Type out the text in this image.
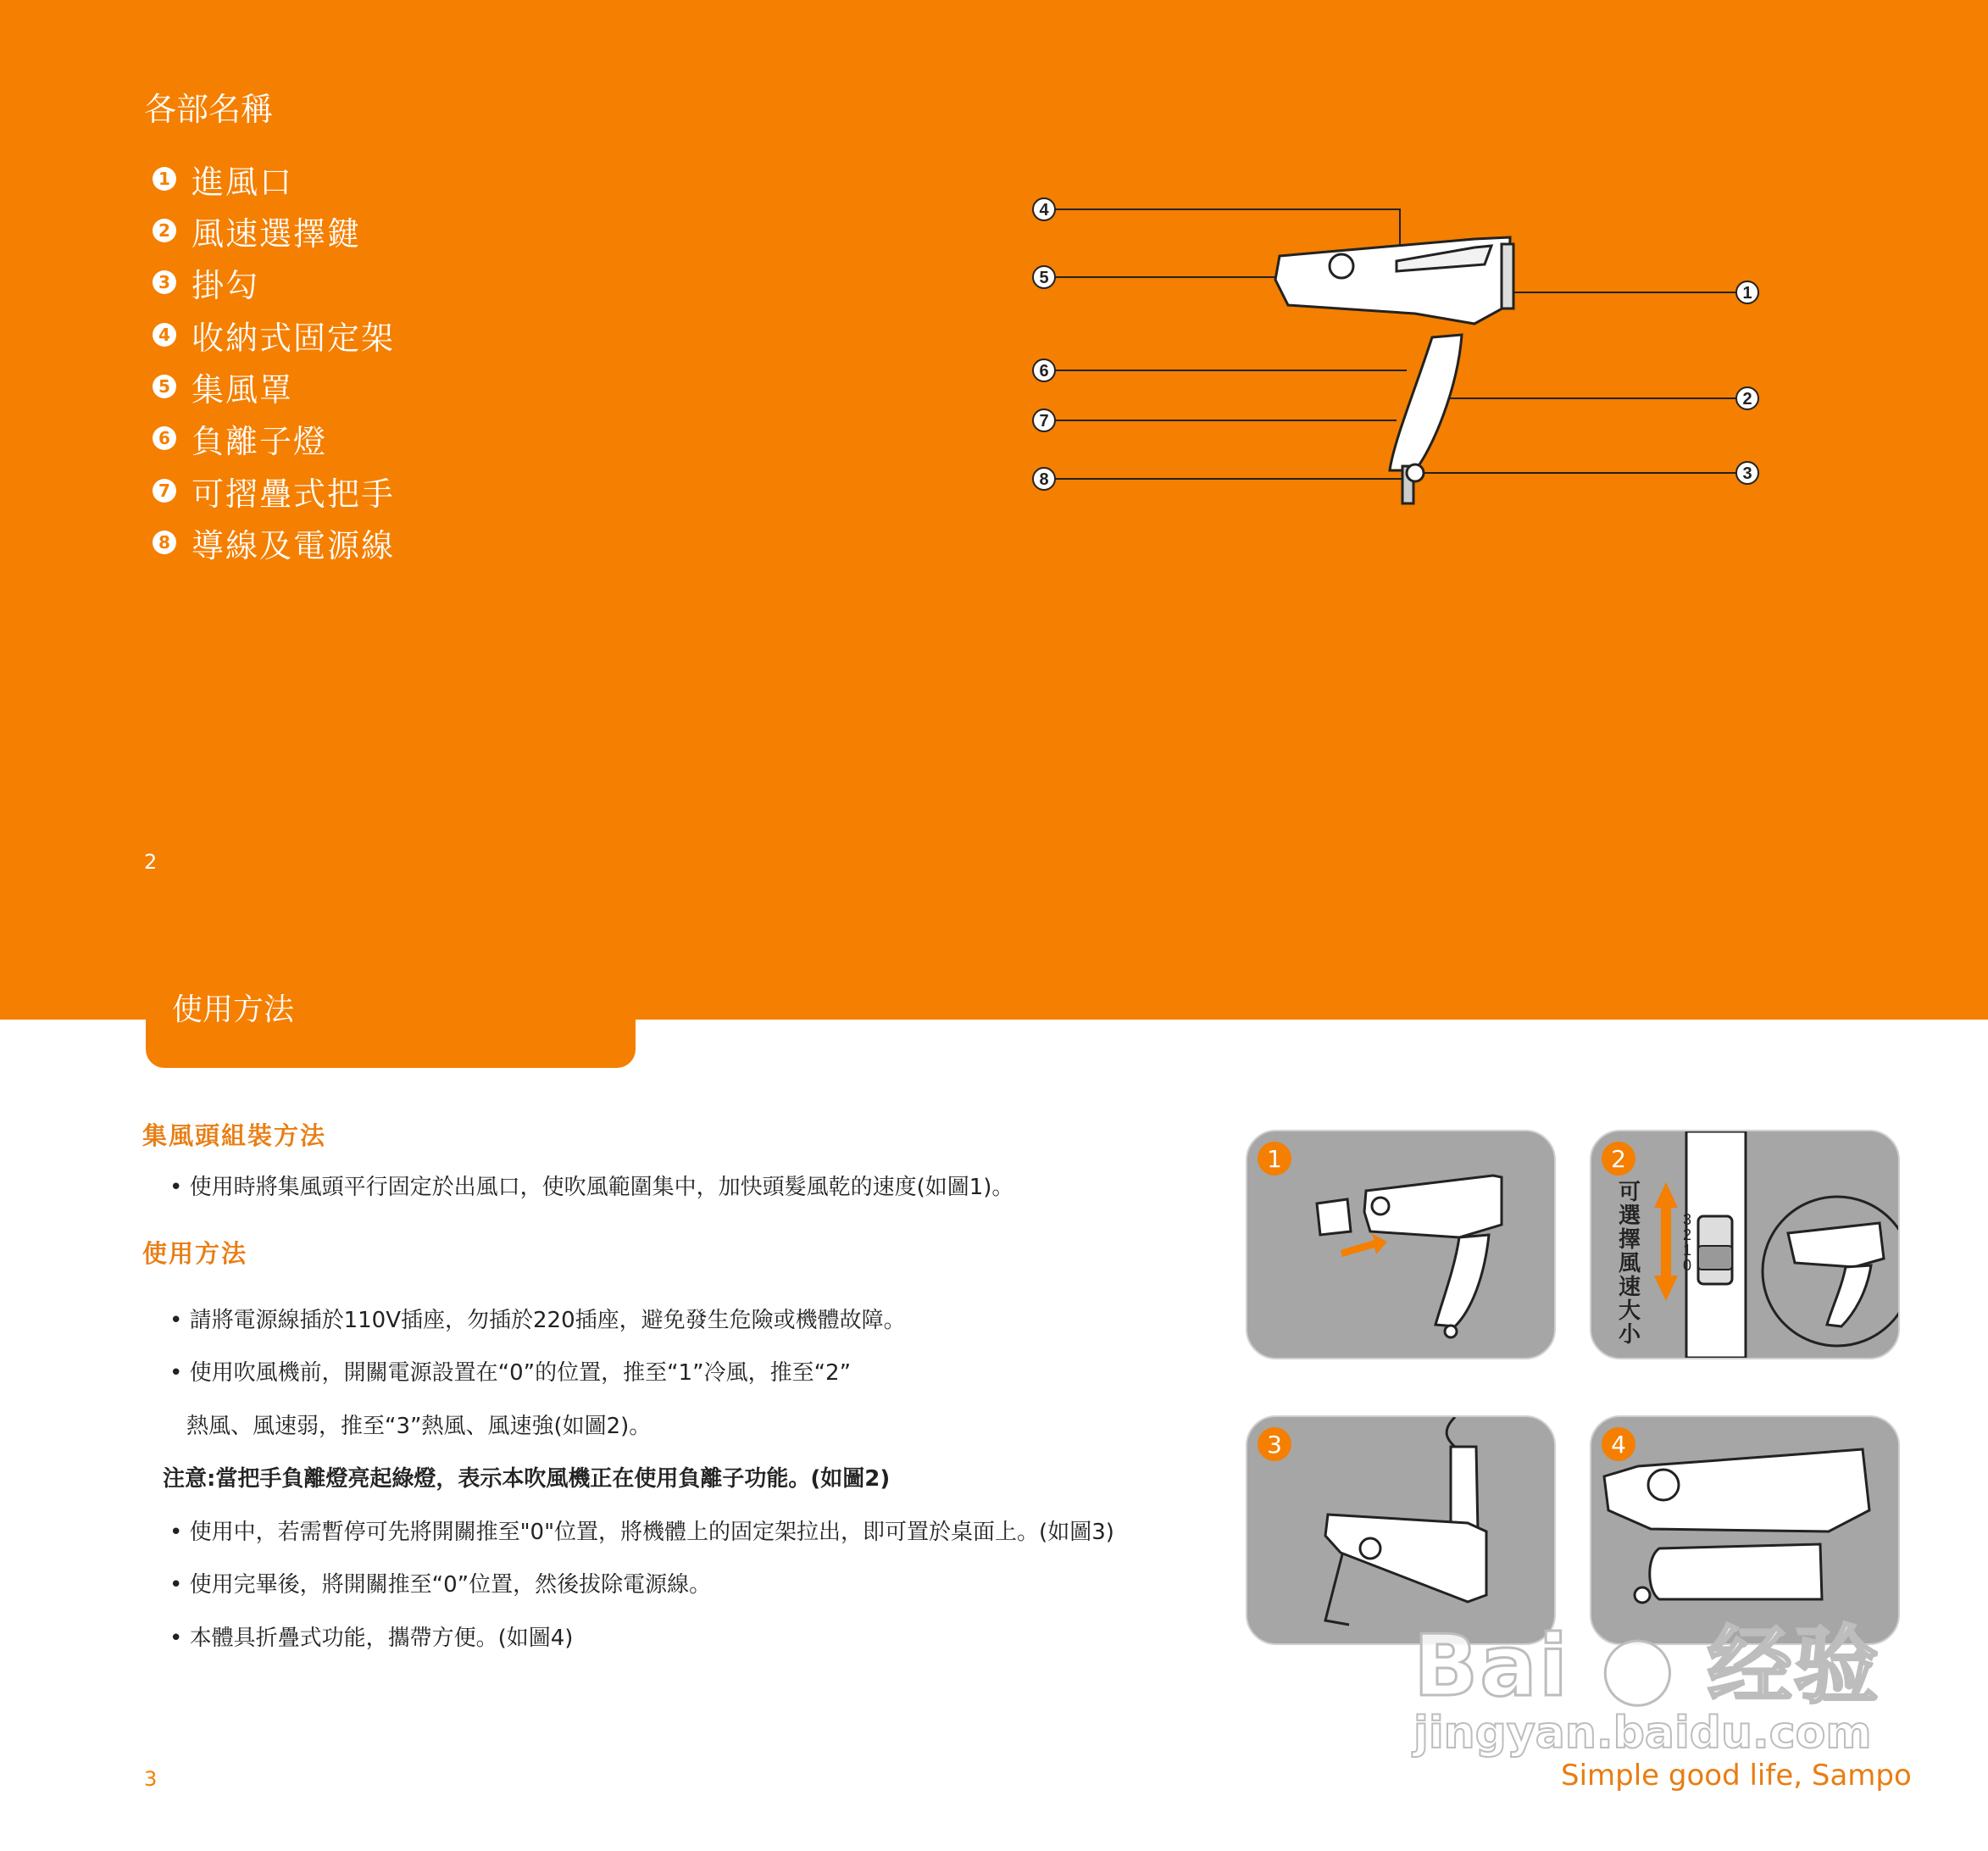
各部名稱
1 進風口
2 風速選擇鍵
3 掛勾
4 收納式固定架
5 集風罩
6 負離子燈
7 可摺疊式把手
8 導線及電源線
4
5
6
7
8
1
2
3
2
使用方法
集風頭組裝方法
• 使用時將集風頭平行固定於出風口，使吹風範圍集中，加快頭髮風乾的速度(如圖1)。
使用方法
• 請將電源線插於110V插座，勿插於220插座，避免發生危險或機體故障。
• 使用吹風機前，開關電源設置在“0”的位置，推至“1”冷風，推至“2”
熱風、風速弱，推至“3”熱風、風速強(如圖2)。
注意:當把手負離燈亮起綠燈，表示本吹風機正在使用負離子功能。(如圖2)
• 使用中，若需暫停可先將開關推至"0"位置，將機體上的固定架拉出，即可置於桌面上。(如圖3)
• 使用完畢後，將開關推至“0”位置，然後拔除電源線。
• 本體具折疊式功能，攜帶方便。(如圖4)
1
3
2
1
0
可選擇風速大小
2
3	4
Bai ● 经验
jingyan.baidu.com
3	Simple good life, Sampo
